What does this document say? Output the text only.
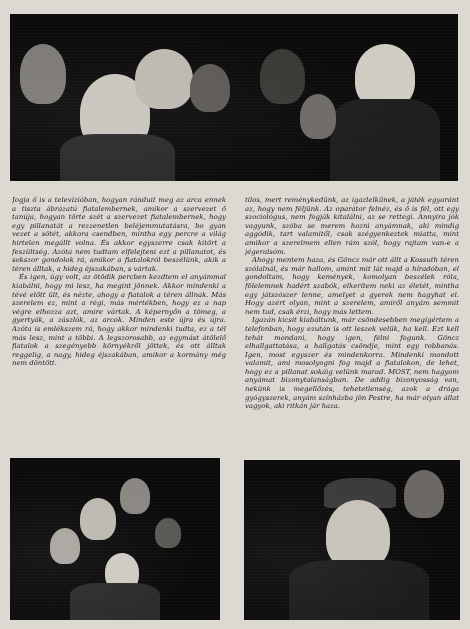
Jogja ő is a televízióban, hogyan ránduit meg az arca ennek a tiszta ábrázatú fiatalembernek, amikor a szervezet ő tanúja, hogyan törte szét a szervezet fiatalembernek, hogy egy pillanatát a rezzenetlen beléjemmutatásra, bo gyan vezet a sötét, akkora csendben, mintha egy percre a világ hirtelen megállt volna. És akkor egyszerre csak kitört a feszültség. Azóta nem tudtam elfelejteni ezt a pillanatot, és sokszor gondolok rá, amikor a fiatalokról beszélünk, akik a téren álltak, a hideg éjszakában, s vártak.

És igen, úgy volt, az ötödik percben kezdtem el anyámmal kiabálni, hogy mi lesz, ha megint jönnek. Akkor mindenki a tévé előtt ült, és nézte, ahogy a fiatalok a téren állnak. Más szerelem ez, mint a régi, más mértékben, hogy ez a nap végre elhozza azt, amire vártak. A képernyőn a tömeg, a gyertyák, a zászlók, az arcok. Minden este újra és újra. Azóta is emlékszem rá, hogy akkor mindenki tudta, ez a tél más lesz, mint a többi. A legszorosabb, az egymást átölelő fiatalok a szegényebb környékről jöttek, és ott álltak reggelig, a nagy, hideg éjszakában, amikor a kormány még nem döntött.

tilos, mert reménykedünk, az igazlelkűnek, a játék egyaránt az, hogy nem féljünk. Az oparátor felnéz, és ő is fél, ott egy szociológus, nem fogják kitalálni, az se rettegi. Annyira jók vagyunk, szóba se merem hozni anyámnak, aki mindig aggódik, tart valamitől, csak szégyenkeztek miatta, mint amikor a szerelmem ellen rám szól, hogy rajtam van-e a jégeralsóm.

Ahogy mentem haza, és Göncz már ott állt a Kossuth téren szólalnál, és már hallom, amint mit lát majd a híradóban, el gondoltam, hogy kemények, komolyan beszélek róla, fölelemnek hadért szabók, elkerítem neki az életét, mintha egy játszószer lenne, amelyet a gyerek nem hagyhat el. Hogy azért olyan, mint a szerelem, amiről anyám semmit nem tud, csak érzi, hogy más lettem.

Igazán kicsit kiabáltunk, már csöndesebben megígértem a telefonban, hogy ezután is ott leszek velük, ha kell. Ezt kell tehát mondani, hogy igen, félni fogunk. Göncz elhallgattatása, a hallgatás csöndje, mint egy robbanás. Igen, most egyszer és mindenkorra. Mindenki mondott valamit, ami mosolyogni fog majd a fiatalokon, de lehet, hogy ez a pillanat sokáig velünk marad. MOST, nem hagyom anyámat bizonytalanságban. De addig bizonyosság van, nekünk is megellőzés, tehetetlenség, azok a drága gyógyszerek, anyám színházba jön Pestre, ha már olyan állat vagyok, aki ritkán jár haza.
